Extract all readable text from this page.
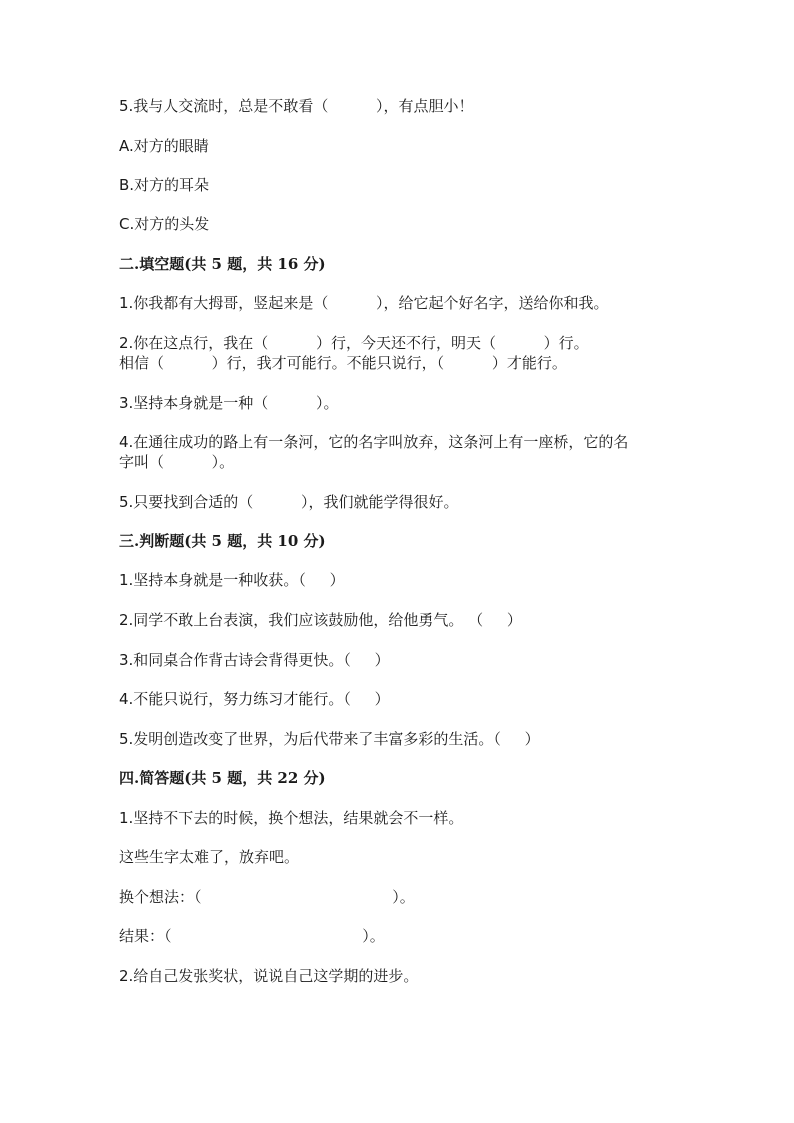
5.我与人交流时，总是不敢看（          ），有点胆小！
A.对方的眼睛
B.对方的耳朵
C.对方的头发
二.填空题(共 5 题，共 16 分)
1.你我都有大拇哥，竖起来是（          ），给它起个好名字，送给你和我。
2.你在这点行，我在（          ）行，今天还不行，明天（          ）行。
相信（          ）行，我才可能行。不能只说行，（          ）才能行。
3.坚持本身就是一种（          ）。
4.在通往成功的路上有一条河，它的名字叫放弃，这条河上有一座桥，它的名
字叫（          ）。
5.只要找到合适的（          ），我们就能学得很好。
三.判断题(共 5 题，共 10 分)
1.坚持本身就是一种收获。（     ）
2.同学不敢上台表演，我们应该鼓励他，给他勇气。 （     ）
3.和同桌合作背古诗会背得更快。（     ）
4.不能只说行，努力练习才能行。（     ）
5.发明创造改变了世界，为后代带来了丰富多彩的生活。（     ）
四.简答题(共 5 题，共 22 分)
1.坚持不下去的时候，换个想法，结果就会不一样。
这些生字太难了，放弃吧。
换个想法：（                                        ）。
结果：（                                        ）。
2.给自己发张奖状，说说自己这学期的进步。
